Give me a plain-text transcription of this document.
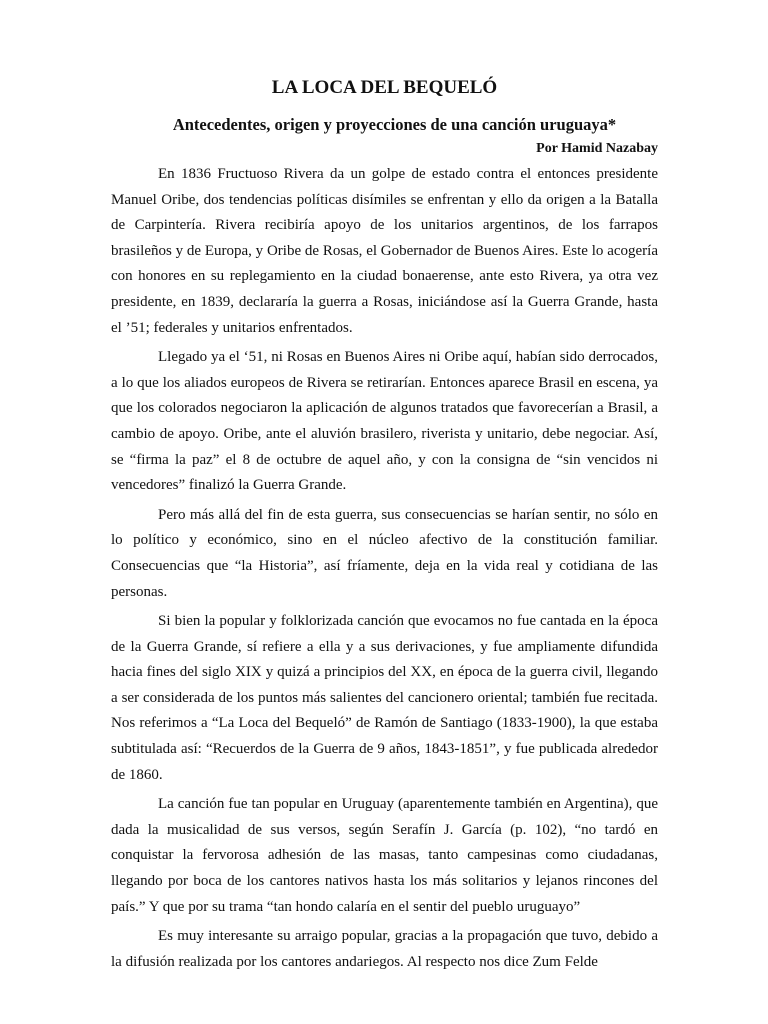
LA LOCA DEL BEQUELÓ
Antecedentes, origen y proyecciones de una canción uruguaya*
Por Hamid Nazabay

En 1836 Fructuoso Rivera da un golpe de estado contra el entonces presidente Manuel Oribe, dos tendencias políticas disímiles se enfrentan y ello da origen a la Batalla de Carpintería. Rivera recibiría apoyo de los unitarios argentinos, de los farrapos brasileños y de Europa, y Oribe de Rosas, el Gobernador de Buenos Aires. Este lo acogería con honores en su replegamiento en la ciudad bonaerense, ante esto Rivera, ya otra vez presidente, en 1839, declararía la guerra a Rosas, iniciándose así la Guerra Grande, hasta el ’51; federales y unitarios enfrentados.

Llegado ya el ‘51, ni Rosas en Buenos Aires ni Oribe aquí, habían sido derrocados, a lo que los aliados europeos de Rivera se retirarían. Entonces aparece Brasil en escena, ya que los colorados negociaron la aplicación de algunos tratados que favorecerían a Brasil, a cambio de apoyo. Oribe, ante el aluvión brasilero, riverista y unitario, debe negociar. Así, se “firma la paz” el 8 de octubre de aquel año, y con la consigna de “sin vencidos ni vencedores” finalizó la Guerra Grande.

Pero más allá del fin de esta guerra, sus consecuencias se harían sentir, no sólo en lo político y económico, sino en el núcleo afectivo de la constitución familiar. Consecuencias que “la Historia”, así fríamente, deja en la vida real y cotidiana de las personas.

Si bien la popular y folklorizada canción que evocamos no fue cantada en la época de la Guerra Grande, sí refiere a ella y a sus derivaciones, y fue ampliamente difundida hacia fines del siglo XIX y quizá a principios del XX, en época de la guerra civil, llegando a ser considerada de los puntos más salientes del cancionero oriental; también fue recitada. Nos referimos a “La Loca del Bequeló” de Ramón de Santiago (1833-1900), la que estaba subtitulada así: “Recuerdos de la Guerra de 9 años, 1843-1851”, y fue publicada alrededor de 1860.

La canción fue tan popular en Uruguay (aparentemente también en Argentina), que dada la musicalidad de sus versos, según Serafín J. García (p. 102), “no tardó en conquistar la fervorosa adhesión de las masas, tanto campesinas como ciudadanas, llegando por boca de los cantores nativos hasta los más solitarios y lejanos rincones del país.” Y que por su trama “tan hondo calaría en el sentir del pueblo uruguayo”

Es muy interesante su arraigo popular, gracias a la propagación que tuvo, debido a la difusión realizada por los cantores andariegos. Al respecto nos dice Zum Felde
